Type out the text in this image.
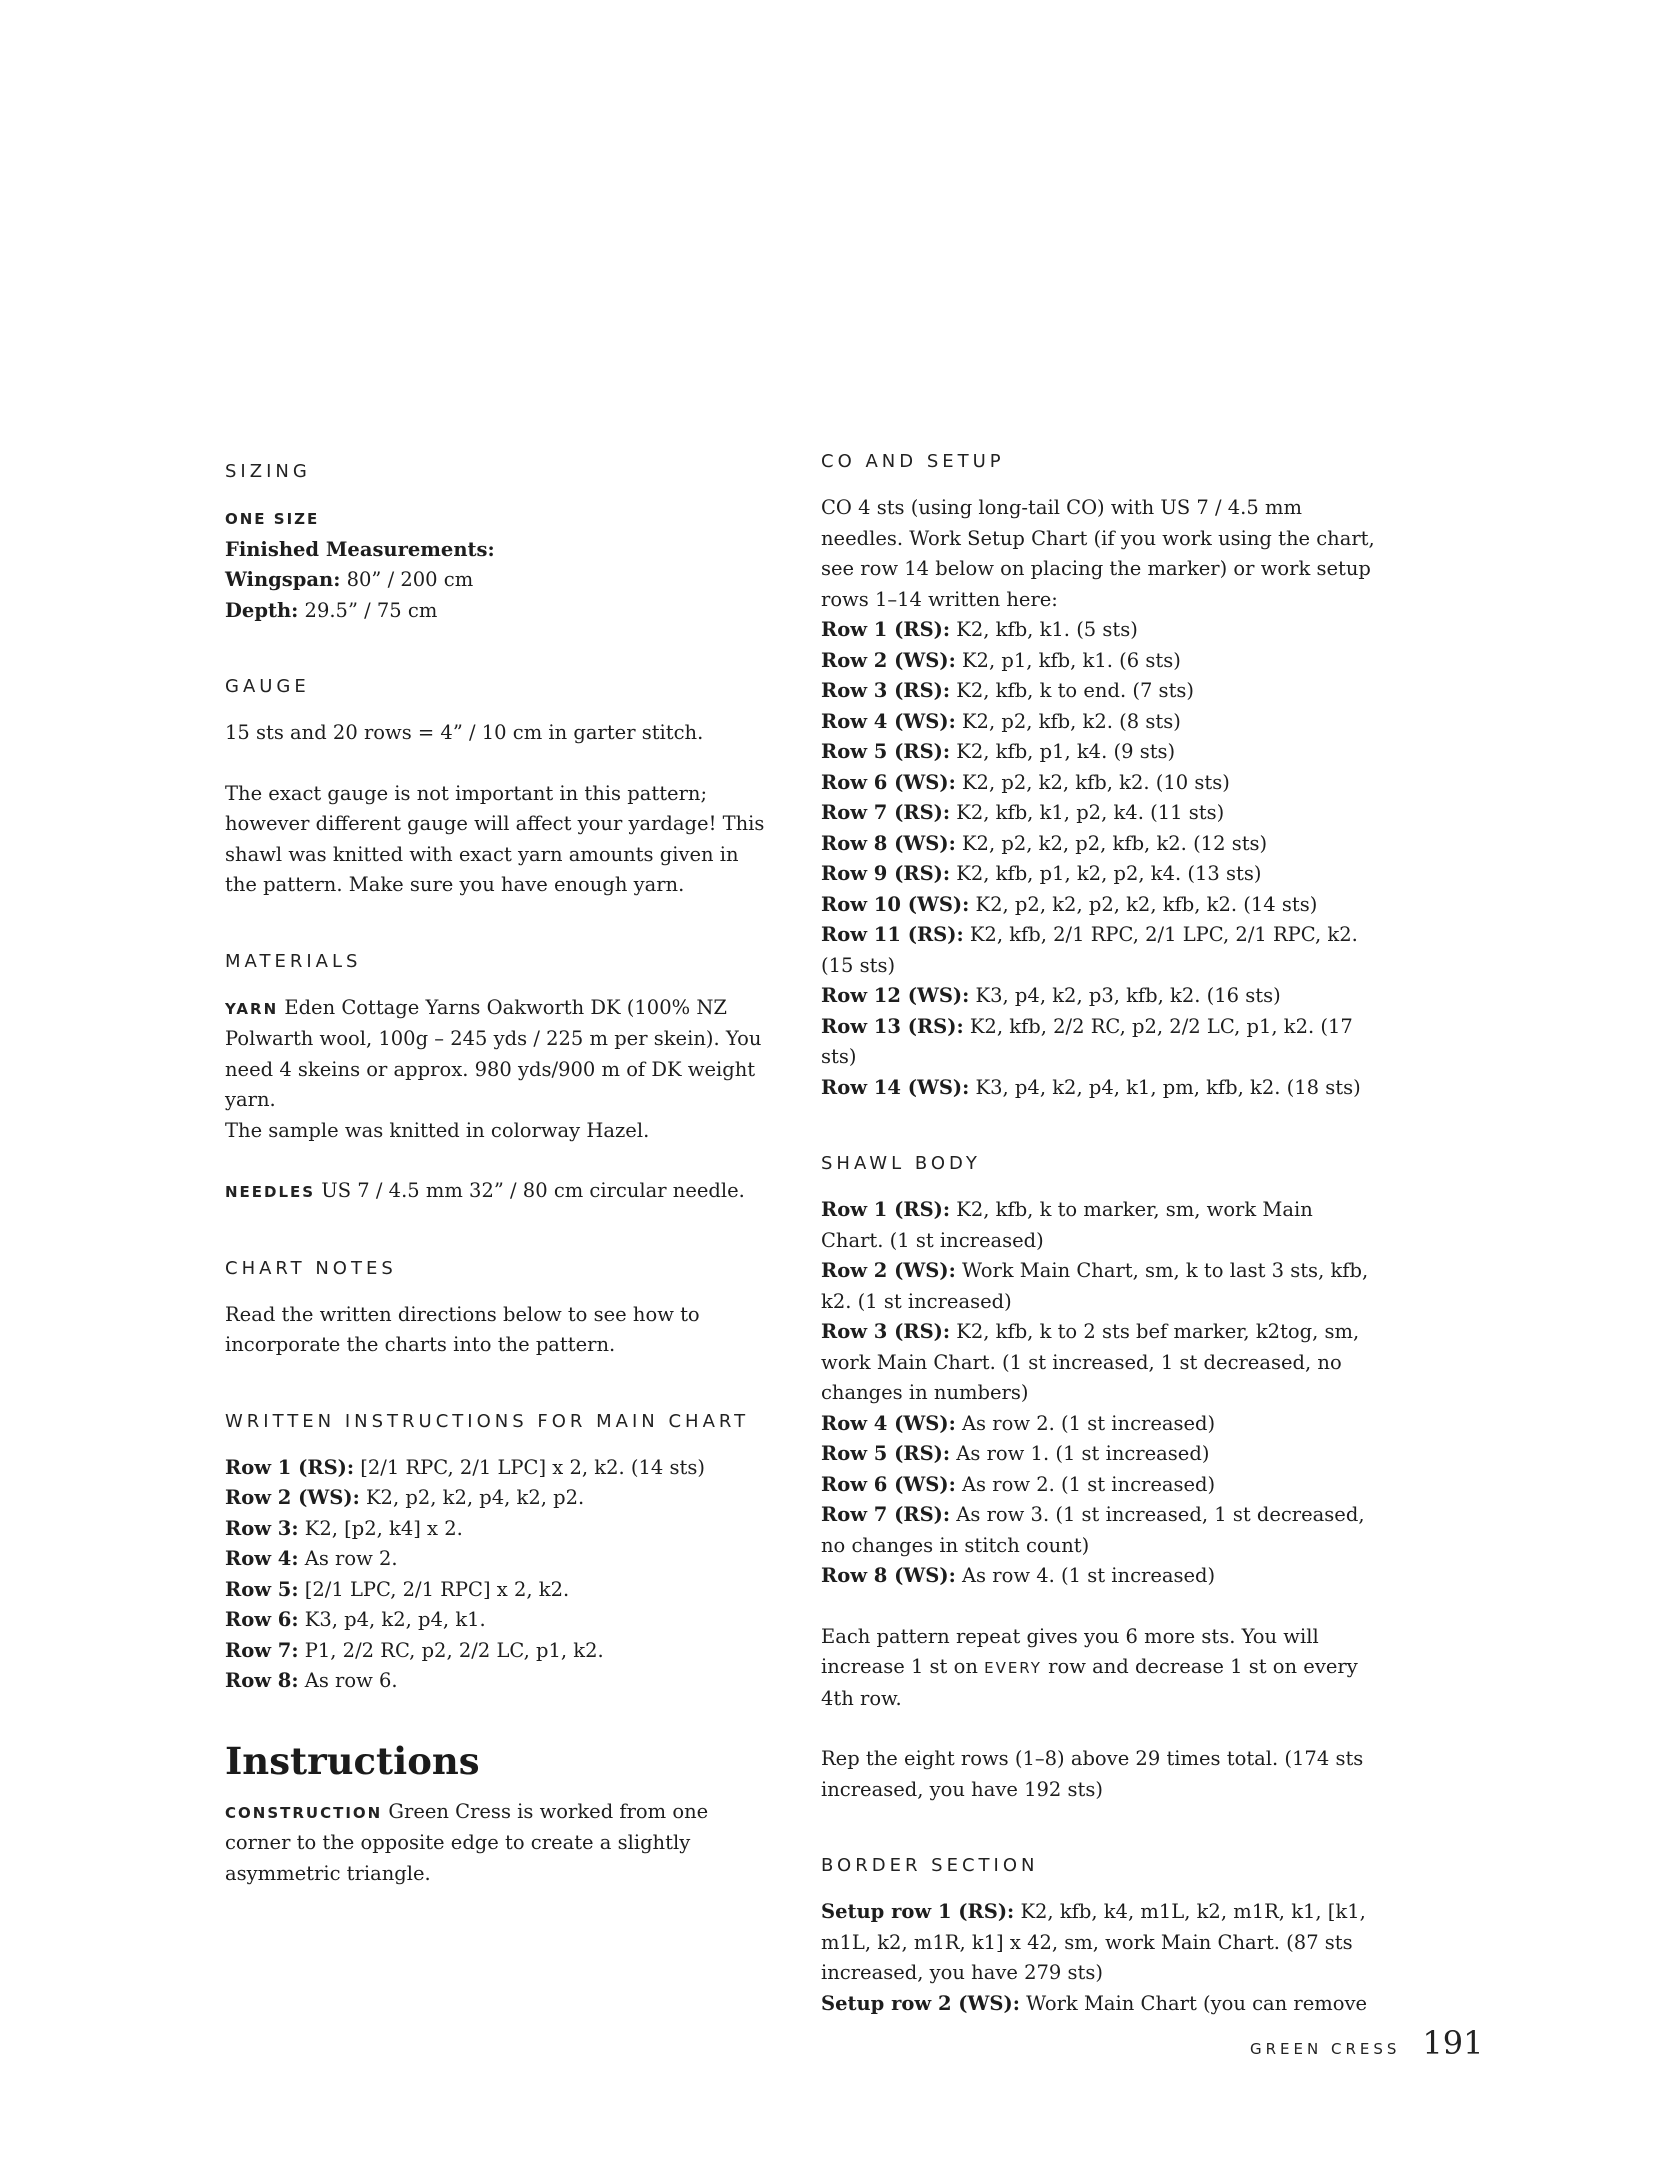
SIZING

ONE SIZE

Finished Measurements:

Wingspan: 80” / 200 cm

Depth: 29.5” / 75 cm

GAUGE

15 sts and 20 rows = 4” / 10 cm in garter stitch.

The exact gauge is not important in this pattern; however different gauge will affect your yardage! This shawl was knitted with exact yarn amounts given in the pattern. Make sure you have enough yarn.

MATERIALS

YARN Eden Cottage Yarns Oakworth DK (100% NZ Polwarth wool, 100g – 245 yds / 225 m per skein). You need 4 skeins or approx. 980 yds/900 m of DK weight yarn.

The sample was knitted in colorway Hazel.

NEEDLES US 7 / 4.5 mm 32” / 80 cm circular needle.

CHART NOTES

Read the written directions below to see how to incorporate the charts into the pattern.

WRITTEN INSTRUCTIONS FOR MAIN CHART

Row 1 (RS): [2/1 RPC, 2/1 LPC] x 2, k2. (14 sts)

Row 2 (WS): K2, p2, k2, p4, k2, p2.

Row 3: K2, [p2, k4] x 2.

Row 4: As row 2.

Row 5: [2/1 LPC, 2/1 RPC] x 2, k2.

Row 6: K3, p4, k2, p4, k1.

Row 7: P1, 2/2 RC, p2, 2/2 LC, p1, k2.

Row 8: As row 6.

Instructions

CONSTRUCTION Green Cress is worked from one corner to the opposite edge to create a slightly asymmetric triangle.

CO AND SETUP

CO 4 sts (using long-tail CO) with US 7 / 4.5 mm needles. Work Setup Chart (if you work using the chart, see row 14 below on placing the marker) or work setup rows 1–14 written here:

Row 1 (RS): K2, kfb, k1. (5 sts)

Row 2 (WS): K2, p1, kfb, k1. (6 sts)

Row 3 (RS): K2, kfb, k to end. (7 sts)

Row 4 (WS): K2, p2, kfb, k2. (8 sts)

Row 5 (RS): K2, kfb, p1, k4. (9 sts)

Row 6 (WS): K2, p2, k2, kfb, k2. (10 sts)

Row 7 (RS): K2, kfb, k1, p2, k4. (11 sts)

Row 8 (WS): K2, p2, k2, p2, kfb, k2. (12 sts)

Row 9 (RS): K2, kfb, p1, k2, p2, k4. (13 sts)

Row 10 (WS): K2, p2, k2, p2, k2, kfb, k2. (14 sts)

Row 11 (RS): K2, kfb, 2/1 RPC, 2/1 LPC, 2/1 RPC, k2. (15 sts)

Row 12 (WS): K3, p4, k2, p3, kfb, k2. (16 sts)

Row 13 (RS): K2, kfb, 2/2 RC, p2, 2/2 LC, p1, k2. (17 sts)

Row 14 (WS): K3, p4, k2, p4, k1, pm, kfb, k2. (18 sts)

SHAWL BODY

Row 1 (RS): K2, kfb, k to marker, sm, work Main Chart. (1 st increased)

Row 2 (WS): Work Main Chart, sm, k to last 3 sts, kfb, k2. (1 st increased)

Row 3 (RS): K2, kfb, k to 2 sts bef marker, k2tog, sm, work Main Chart. (1 st increased, 1 st decreased, no changes in numbers)

Row 4 (WS): As row 2. (1 st increased)

Row 5 (RS): As row 1. (1 st increased)

Row 6 (WS): As row 2. (1 st increased)

Row 7 (RS): As row 3. (1 st increased, 1 st decreased, no changes in stitch count)

Row 8 (WS): As row 4. (1 st increased)

Each pattern repeat gives you 6 more sts. You will increase 1 st on EVERY row and decrease 1 st on every 4th row.

Rep the eight rows (1–8) above 29 times total. (174 sts increased, you have 192 sts)

BORDER SECTION

Setup row 1 (RS): K2, kfb, k4, m1L, k2, m1R, k1, [k1, m1L, k2, m1R, k1] x 42, sm, work Main Chart. (87 sts increased, you have 279 sts)

Setup row 2 (WS): Work Main Chart (you can remove

GREEN CRESS 191
